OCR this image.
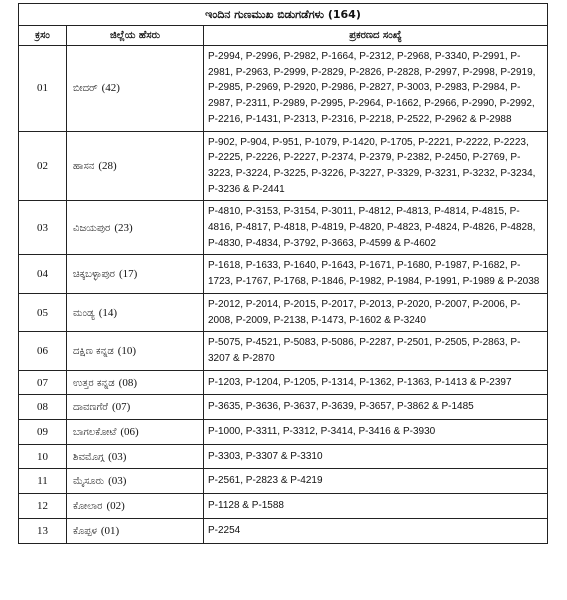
ಇಂದಿನ ಗುಣಮುಖ ಬಿಡುಗಡೆಗಳು (164)		
ಕ್ರಸಂ	ಜಿಲ್ಲೆಯ ಹೆಸರು	ಪ್ರಕರಣದ ಸಂಖ್ಯೆ
01	ಬೀದರ್ (42)	P-2994, P-2996, P-2982, P-1664, P-2312, P-2968, P-3340, P-2991, P-2981, P-2963, P-2999, P-2829, P-2826, P-2828, P-2997, P-2998, P-2919, P-2985, P-2969, P-2920, P-2986, P-2827, P-3003, P-2983, P-2984, P-2987, P-2311, P-2989, P-2995, P-2964, P-1662, P-2966, P-2990, P-2992, P-2216, P-1431, P-2313, P-2316, P-2218, P-2522, P-2962 & P-2988
02	ಹಾಸನ (28)	P-902, P-904, P-951, P-1079, P-1420, P-1705, P-2221, P-2222, P-2223, P-2225, P-2226, P-2227, P-2374, P-2379, P-2382, P-2450, P-2769, P-3223, P-3224, P-3225, P-3226, P-3227, P-3329, P-3231, P-3232, P-3234, P-3236 & P-2441
03	ವಿಜಯಪುರ (23)	P-4810, P-3153, P-3154, P-3011, P-4812, P-4813, P-4814, P-4815, P-4816, P-4817, P-4818, P-4819, P-4820, P-4823, P-4824, P-4826, P-4828, P-4830, P-4834, P-3792, P-3663, P-4599 & P-4602
04	ಚಿಕ್ಕಬಳ್ಳಾಪುರ (17)	P-1618, P-1633, P-1640, P-1643, P-1671, P-1680, P-1987, P-1682, P-1723, P-1767, P-1768, P-1846, P-1982, P-1984, P-1991, P-1989 & P-2038
05	ಮಂಡ್ಯ (14)	P-2012, P-2014, P-2015, P-2017, P-2013, P-2020, P-2007, P-2006, P-2008, P-2009, P-2138, P-1473, P-1602 & P-3240
06	ದಕ್ಷಿಣ ಕನ್ನಡ (10)	P-5075, P-4521, P-5083, P-5086, P-2287, P-2501, P-2505, P-2863, P-3207 & P-2870
07	ಉತ್ತರ ಕನ್ನಡ (08)	P-1203, P-1204, P-1205, P-1314, P-1362, P-1363, P-1413 & P-2397
08	ದಾವಣಗೆರೆ (07)	P-3635, P-3636, P-3637, P-3639, P-3657, P-3862 & P-1485
09	ಬಾಗಲಕೋಟೆ (06)	P-1000, P-3311, P-3312, P-3414, P-3416 & P-3930
10	ಶಿವಮೊಗ್ಗ (03)	P-3303, P-3307 & P-3310
11	ಮೈಸೂರು (03)	P-2561, P-2823 & P-4219
12	ಕೋಲಾರ (02)	P-1128 & P-1588
13	ಕೊಪ್ಪಳ (01)	P-2254
